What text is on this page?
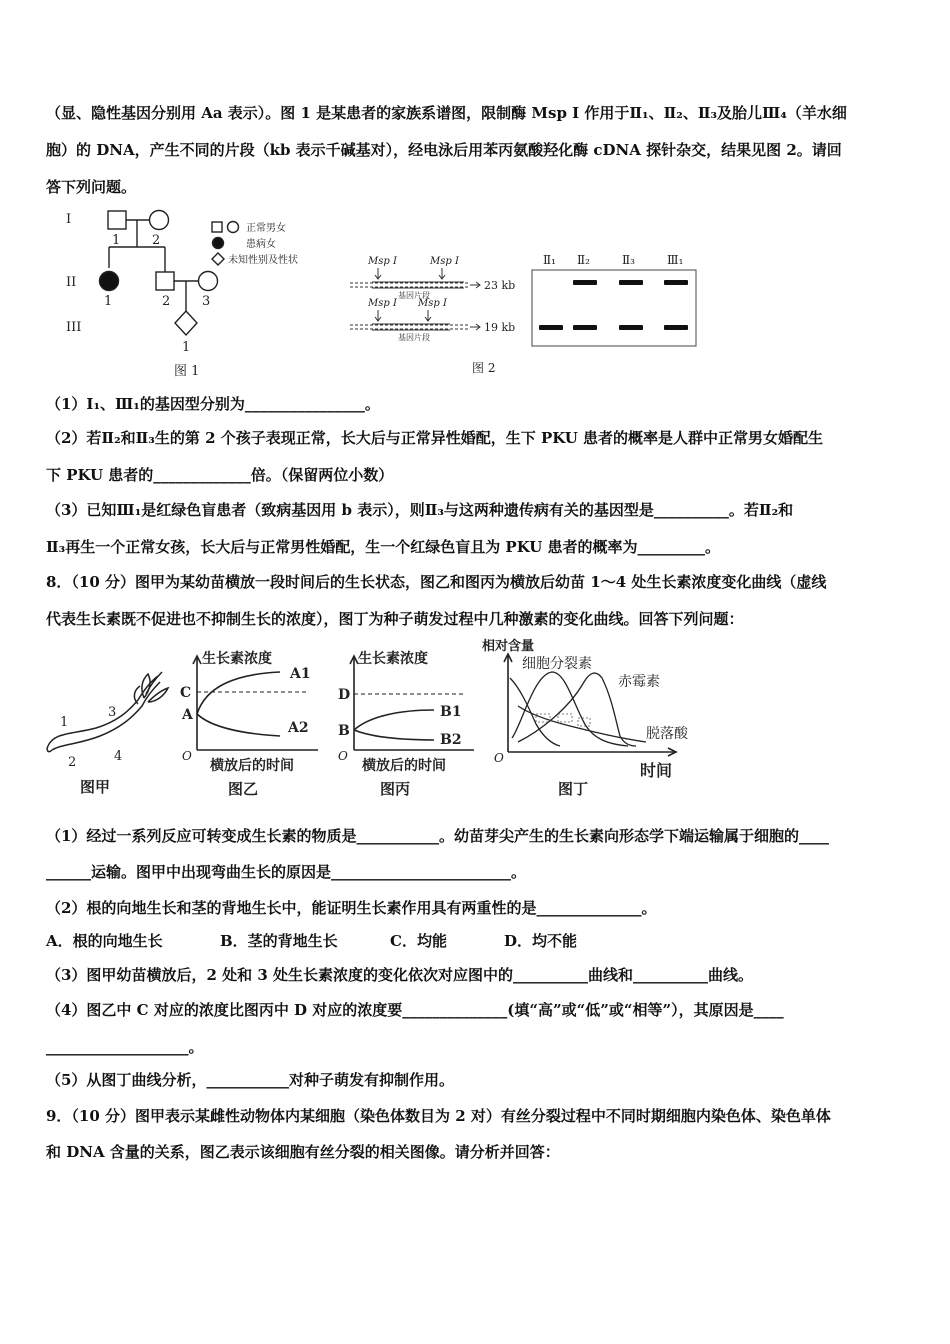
（显、隐性基因分别用 Aa 表示）。图 1 是某患者的家族系谱图，限制酶 Msp I 作用于Ⅱ₁、Ⅱ₂、Ⅱ₃及胎儿Ⅲ₄（羊水细
胞）的 DNA，产生不同的片段（kb 表示千碱基对），经电泳后用苯丙氨酸羟化酶 cDNA 探针杂交，结果见图 2。请回
答下列问题。
I
II
III
1 2
1	2 3
1
图 1
正常男女
患病女
未知性别及性状	Msp I	Msp I
Msp I Msp I
基因片段
基因片段
23 kb
19 kb
Ⅱ₁ Ⅱ₂	Ⅱ₃	Ⅲ₁
图 2
（1）I₁、Ⅲ₁的基因型分别为________________。
（2）若Ⅱ₂和Ⅱ₃生的第 2 个孩子表现正常，长大后与正常异性婚配，生下 PKU 患者的概率是人群中正常男女婚配生
下 PKU 患者的_____________倍。（保留两位小数）
（3）已知Ⅲ₁是红绿色盲患者（致病基因用 b 表示），则Ⅱ₃与这两种遗传病有关的基因型是__________。若Ⅱ₂和
Ⅱ₃再生一个正常女孩，长大后与正常男性婚配，生一个红绿色盲且为 PKU 患者的概率为_________。
8．（10 分）图甲为某幼苗横放一段时间后的生长状态，图乙和图丙为横放后幼苗 1～4 处生长素浓度变化曲线（虚线
代表生长素既不促进也不抑制生长的浓度），图丁为种子萌发过程中几种激素的变化曲线。回答下列问题：
1
2
3
4
图甲
生长素浓度
C
A
A1
A2
横放后的时间
图乙
O
生长素浓度
D
B
B1
B2
横放后的时间
图丙
O
相对含量
细胞分裂素
赤霉素
脱落酸
时间
O
图丁
（1）经过一系列反应可转变成生长素的物质是___________。幼苗芽尖产生的生长素向形态学下端运输属于细胞的____
______运输。图甲中出现弯曲生长的原因是________________________。
（2）根的向地生长和茎的背地生长中，能证明生长素作用具有两重性的是______________。
A．根的向地生长	B．茎的背地生长	C．均能	D．均不能
（3）图甲幼苗横放后，2 处和 3 处生长素浓度的变化依次对应图中的__________曲线和__________曲线。
（4）图乙中 C 对应的浓度比图丙中 D 对应的浓度要______________(填“高”或“低”或“相等”），其原因是____
___________________。
（5）从图丁曲线分析，___________对种子萌发有抑制作用。
9．（10 分）图甲表示某雌性动物体内某细胞（染色体数目为 2 对）有丝分裂过程中不同时期细胞内染色体、染色单体
和 DNA 含量的关系，图乙表示该细胞有丝分裂的相关图像。请分析并回答：
